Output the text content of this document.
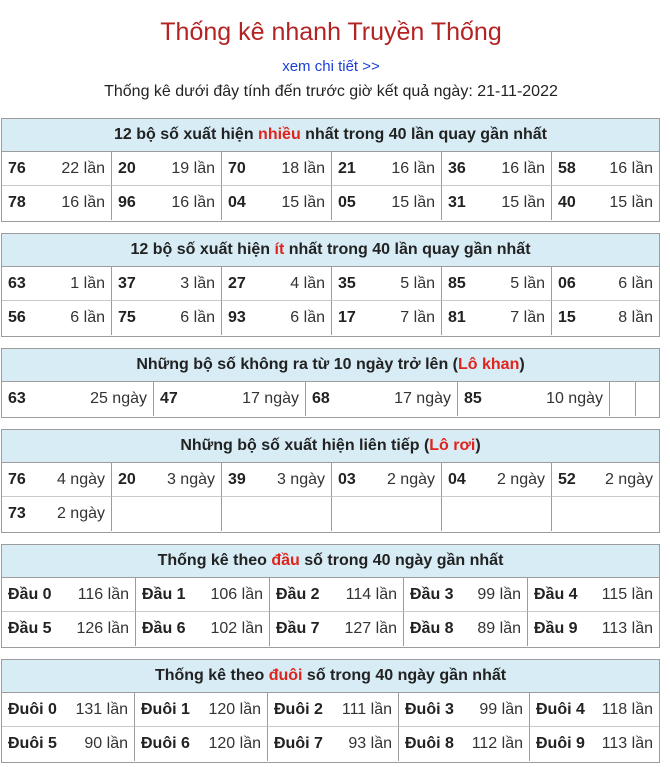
Thống kê nhanh Truyền Thống
xem chi tiết >>
Thống kê dưới đây tính đến trước giờ kết quả ngày: 21-11-2022
12 bộ số xuất hiện nhiều nhất trong 40 lần quay gần nhất
76 22 lần 20 19 lần 70 18 lần 21 16 lần 36 16 lần 58 16 lần
78 16 lần 96 16 lần 04 15 lần 05 15 lần 31 15 lần 40 15 lần
12 bộ số xuất hiện ít nhất trong 40 lần quay gần nhất
63	1 lần 37	3 lần 27	4 lần 35	5 lần 85	5 lần 06	6 lần
56	6 lần 75	6 lần 93	6 lần 17	7 lần 81	7 lần 15	8 lần
Những bộ số không ra từ 10 ngày trở lên (Lô khan)
63	25 ngày 47	17 ngày 68	17 ngày 85	10 ngày
Những bộ số xuất hiện liên tiếp (Lô rơi)
76 4 ngày 20 3 ngày 39 3 ngày 03 2 ngày 04 2 ngày 52 2 ngày
73 2 ngày
Thống kê theo đầu số trong 40 ngày gần nhất
Đầu 0 116 lần Đầu 1 106 lần Đầu 2 114 lần Đầu 3 99 lần Đầu 4 115 lần
Đầu 5 126 lần Đầu 6 102 lần Đầu 7 127 lần Đầu 8 89 lần Đầu 9 113 lần
Thống kê theo đuôi số trong 40 ngày gần nhất
Đuôi 0 131 lần Đuôi 1 120 lần Đuôi 2 111 lần Đuôi 3 99 lần Đuôi 4 118 lần
Đuôi 5 90 lần Đuôi 6 120 lần Đuôi 7 93 lần Đuôi 8 112 lần Đuôi 9 113 lần
